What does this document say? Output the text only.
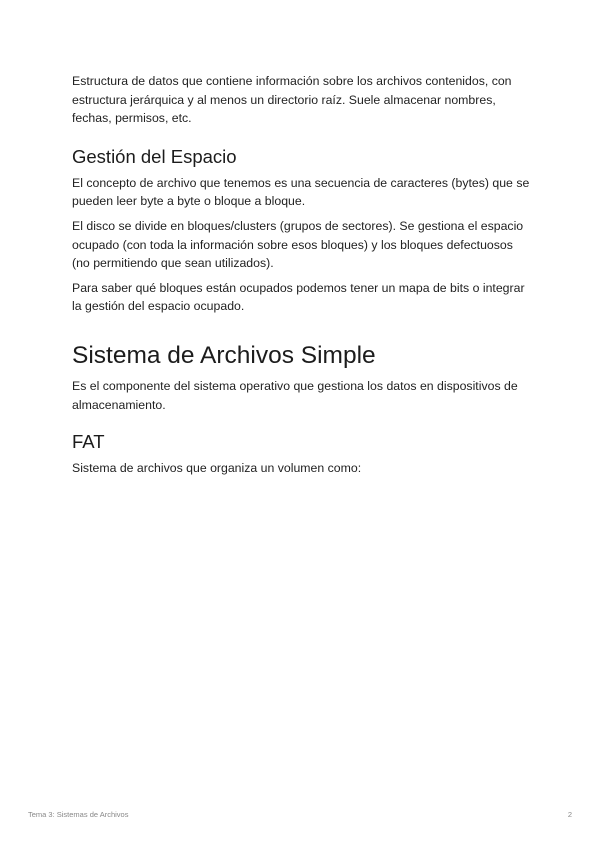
Estructura de datos que contiene información sobre los archivos contenidos, con estructura jerárquica y al menos un directorio raíz. Suele almacenar nombres, fechas, permisos, etc.

Gestión del Espacio

El concepto de archivo que tenemos es una secuencia de caracteres (bytes) que se pueden leer byte a byte o bloque a bloque.

El disco se divide en bloques/clusters (grupos de sectores). Se gestiona el espacio ocupado (con toda la información sobre esos bloques) y los bloques defectuosos (no permitiendo que sean utilizados).

Para saber qué bloques están ocupados podemos tener un mapa de bits o integrar la gestión del espacio ocupado.

Sistema de Archivos Simple

Es el componente del sistema operativo que gestiona los datos en dispositivos de almacenamiento.

FAT

Sistema de archivos que organiza un volumen como:

Tema 3: Sistemas de Archivos	2
